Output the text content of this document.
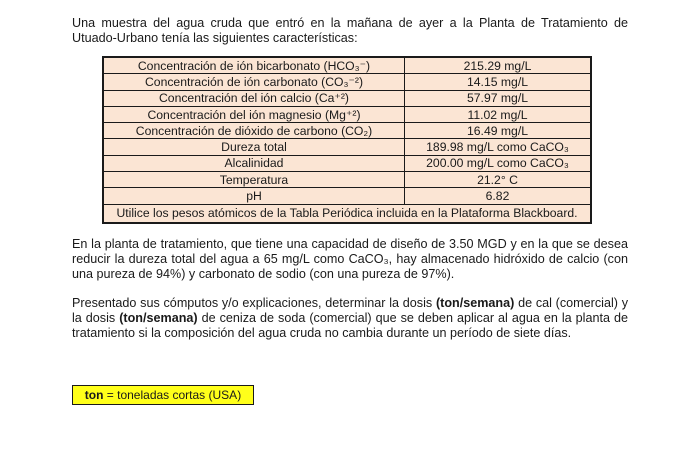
Una muestra del agua cruda que entró en la mañana de ayer a la Planta de Tratamiento de Utuado-Urbano tenía las siguientes características:

Concentración de ión bicarbonato (HCO₃⁻)	215.29 mg/L
Concentración de ión carbonato (CO₃⁻²)	14.15 mg/L
Concentración del ión calcio (Ca⁺²)	57.97 mg/L
Concentración del ión magnesio (Mg⁺²)	11.02 mg/L
Concentración de dióxido de carbono (CO₂)	16.49 mg/L
Dureza total	189.98 mg/L como CaCO₃
Alcalinidad	200.00 mg/L como CaCO₃
Temperatura	21.2° C
pH	6.82
Utilice los pesos atómicos de la Tabla Periódica incluida en la Plataforma Blackboard.	

En la planta de tratamiento, que tiene una capacidad de diseño de 3.50 MGD y en la que se desea reducir la dureza total del agua a 65 mg/L como CaCO₃, hay almacenado hidróxido de calcio (con una pureza de 94%) y carbonato de sodio (con una pureza de 97%).

Presentado sus cómputos y/o explicaciones, determinar la dosis (ton/semana) de cal (comercial) y la dosis (ton/semana) de ceniza de soda (comercial) que se deben aplicar al agua en la planta de tratamiento si la composición del agua cruda no cambia durante un período de siete días.

ton = toneladas cortas (USA)
